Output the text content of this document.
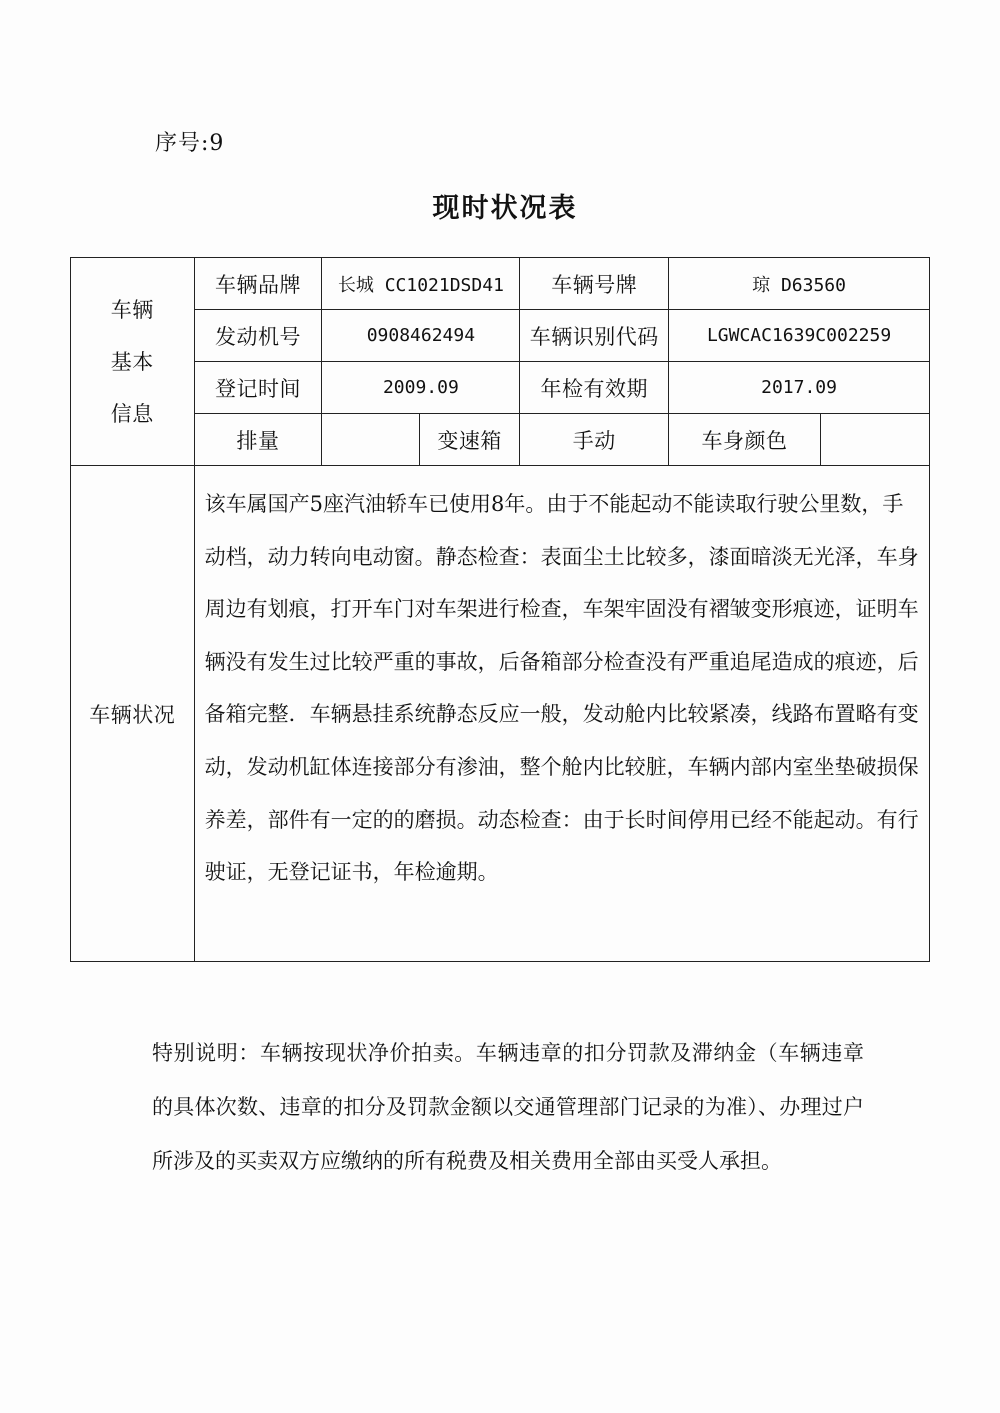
序号:9
现时状况表
车辆
基本
信息	车辆品牌	长城 CC1021DSD41		车辆号牌	琼 D63560	
	发动机号	0908462494		车辆识别代码	LGWCAC1639C002259	
	登记时间	2009.09		年检有效期	2017.09	
	排量		变速箱	手动	车身颜色	
车辆状况	该车属国产5座汽油轿车已使用8年。由于不能起动不能读取行驶公里数，手动档，动力转向电动窗。静态检查：表面尘土比较多，漆面暗淡无光泽，车身周边有划痕，打开车门对车架进行检查，车架牢固没有褶皱变形痕迹，证明车辆没有发生过比较严重的事故，后备箱部分检查没有严重追尾造成的痕迹，后备箱完整．车辆悬挂系统静态反应一般，发动舱内比较紧凑，线路布置略有变动，发动机缸体连接部分有渗油，整个舱内比较脏，车辆内部内室坐垫破损保养差，部件有一定的的磨损。动态检查：由于长时间停用已经不能起动。有行驶证，无登记证书，年检逾期。					
特别说明：车辆按现状净价拍卖。车辆违章的扣分罚款及滞纳金（车辆违章的具体次数、违章的扣分及罚款金额以交通管理部门记录的为准）、办理过户所涉及的买卖双方应缴纳的所有税费及相关费用全部由买受人承担。
